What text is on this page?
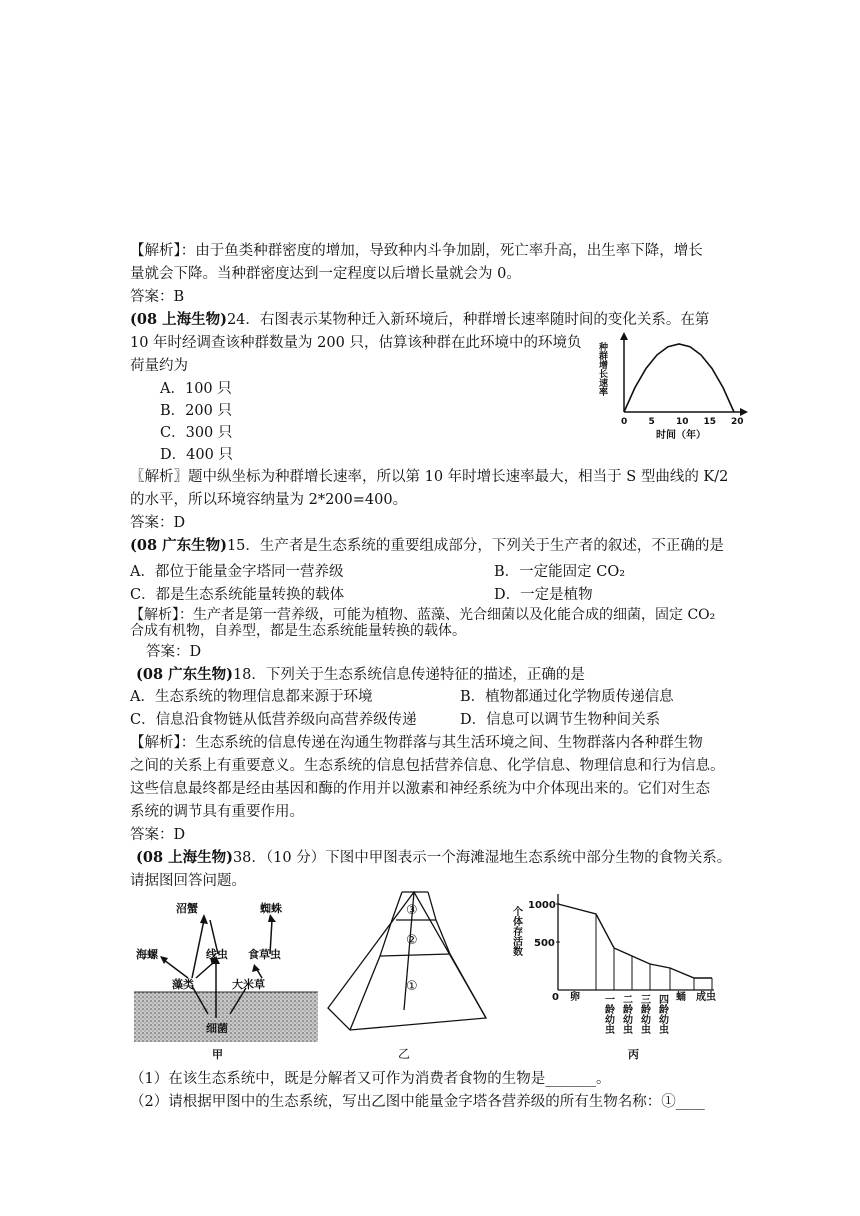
【解析】：由于鱼类种群密度的增加，导致种内斗争加剧，死亡率升高，出生率下降，增长
量就会下降。当种群密度达到一定程度以后增长量就会为 0。
答案：B
(08 上海生物)24．右图表示某物种迁入新环境后，种群增长速率随时间的变化关系。在第
10 年时经调查该种群数量为 200 只，估算该种群在此环境中的环境负
荷量约为
A．100 只
B．200 只
C．300 只
D．400 只
种群增长速率
时间（年）
0 5 10 15 20
〖解析〗题中纵坐标为种群增长速率，所以第 10 年时增长速率最大，相当于 S 型曲线的 K/2
的水平，所以环境容纳量为 2*200=400。
答案：D
(08 广东生物)15．生产者是生态系统的重要组成部分，下列关于生产者的叙述，不正确的是
A．都位于能量金字塔同一营养级	B．一定能固定 CO₂
C．都是生态系统能量转换的载体	D．一定是植物
【解析】：生产者是第一营养级，可能为植物、蓝藻、光合细菌以及化能合成的细菌，固定 CO₂
合成有机物，自养型，都是生态系统能量转换的载体。
答案：D
(08 广东生物)18．下列关于生态系统信息传递特征的描述，正确的是
A．生态系统的物理信息都来源于环境	B．植物都通过化学物质传递信息
C．信息沿食物链从低营养级向高营养级传递	D．信息可以调节生物种间关系
【解析】：生态系统的信息传递在沟通生物群落与其生活环境之间、生物群落内各种群生物
之间的关系上有重要意义。生态系统的信息包括营养信息、化学信息、物理信息和行为信息。
这些信息最终都是经由基因和酶的作用并以激素和神经系统为中介体现出来的。它们对生态
系统的调节具有重要作用。
答案：D
(08 上海生物)38．（10 分）下图中甲图表示一个海滩湿地生态系统中部分生物的食物关系。
请据图回答问题。
沼蟹	蜘蛛
海螺	线虫 食草虫
藻类	大米草
细菌
甲
③
②
①
乙
个体存活数
1000
500
0 卵 一龄幼虫 二龄幼虫 三龄幼虫 四龄幼虫 蛹 成虫
丙
（1）在该生态系统中，既是分解者又可作为消费者食物的生物是_______。
（2）请根据甲图中的生态系统，写出乙图中能量金字塔各营养级的所有生物名称：①____
